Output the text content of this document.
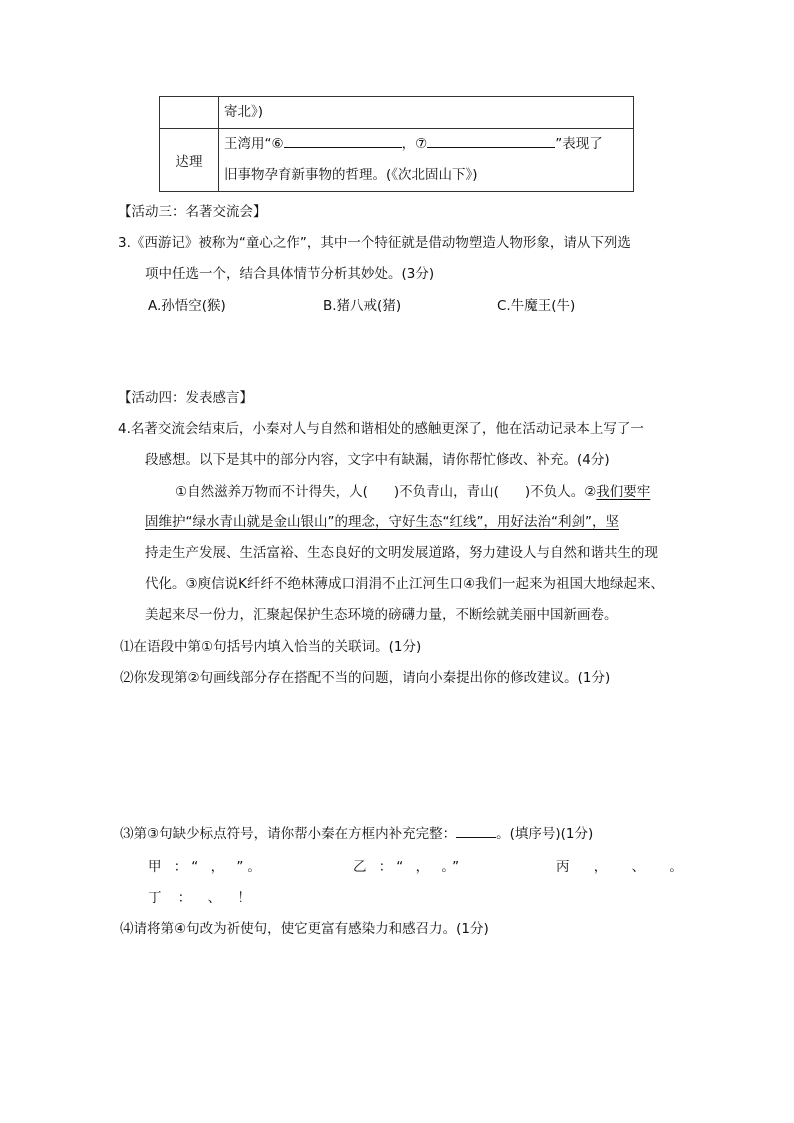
	寄北》)
迖理	王湾用“⑥ ，⑦ ”表现了
旧事物孕育新事物的哲理。(《次北固山下》)
【活动三：名著交流会】
3.《西游记》被称为“童心之作”，其中一个特征就是借动物塑造人物形象，请从下列选
项中任选一个，结合具体情节分析其妙处。(3分)
A.孙悟空(猴)	B.猪八戒(猪)	C.牛魔王(牛)
【活动四：发表感言】
4.名著交流会结束后，小秦对人与自然和谐相处的感触更深了，他在活动记录本上写了一
段感想。以下是其中的部分内容，文字中有缺漏，请你帮忙修改、补充。(4分)
①自然滋养万物而不计得失，人( )不负青山，青山( )不负人。②我们要牢
固维护“绿水青山就是金山银山”的理念，守好生态“红线”，用好法治“利剑”，坚
持走生产发展、生活富裕、生态良好的文明发展道路，努力建设人与自然和谐共生的现
代化。③庾信说K纤纤不绝林薄成口涓涓不止江河生口④我们一起来为祖国大地绿起来、
美起来尽一份力，汇聚起保护生态环境的磅礴力量，不断绘就美丽中国新画卷。
⑴在语段中第①句括号内填入恰当的关联词。(1分)
⑵你发现第②句画线部分存在搭配不当的问题，请向小秦提出你的修改建议。(1分)
⑶第③句缺少标点符号，请你帮小秦在方框内补充完整：	。(填序号)(1分)
甲 ：“ ， ”。	乙 ：“ ， 。”	丙 ， 、 。
丁 ： 、 ！
⑷请将第④句改为祈使句，使它更富有感染力和感召力。(1分)
